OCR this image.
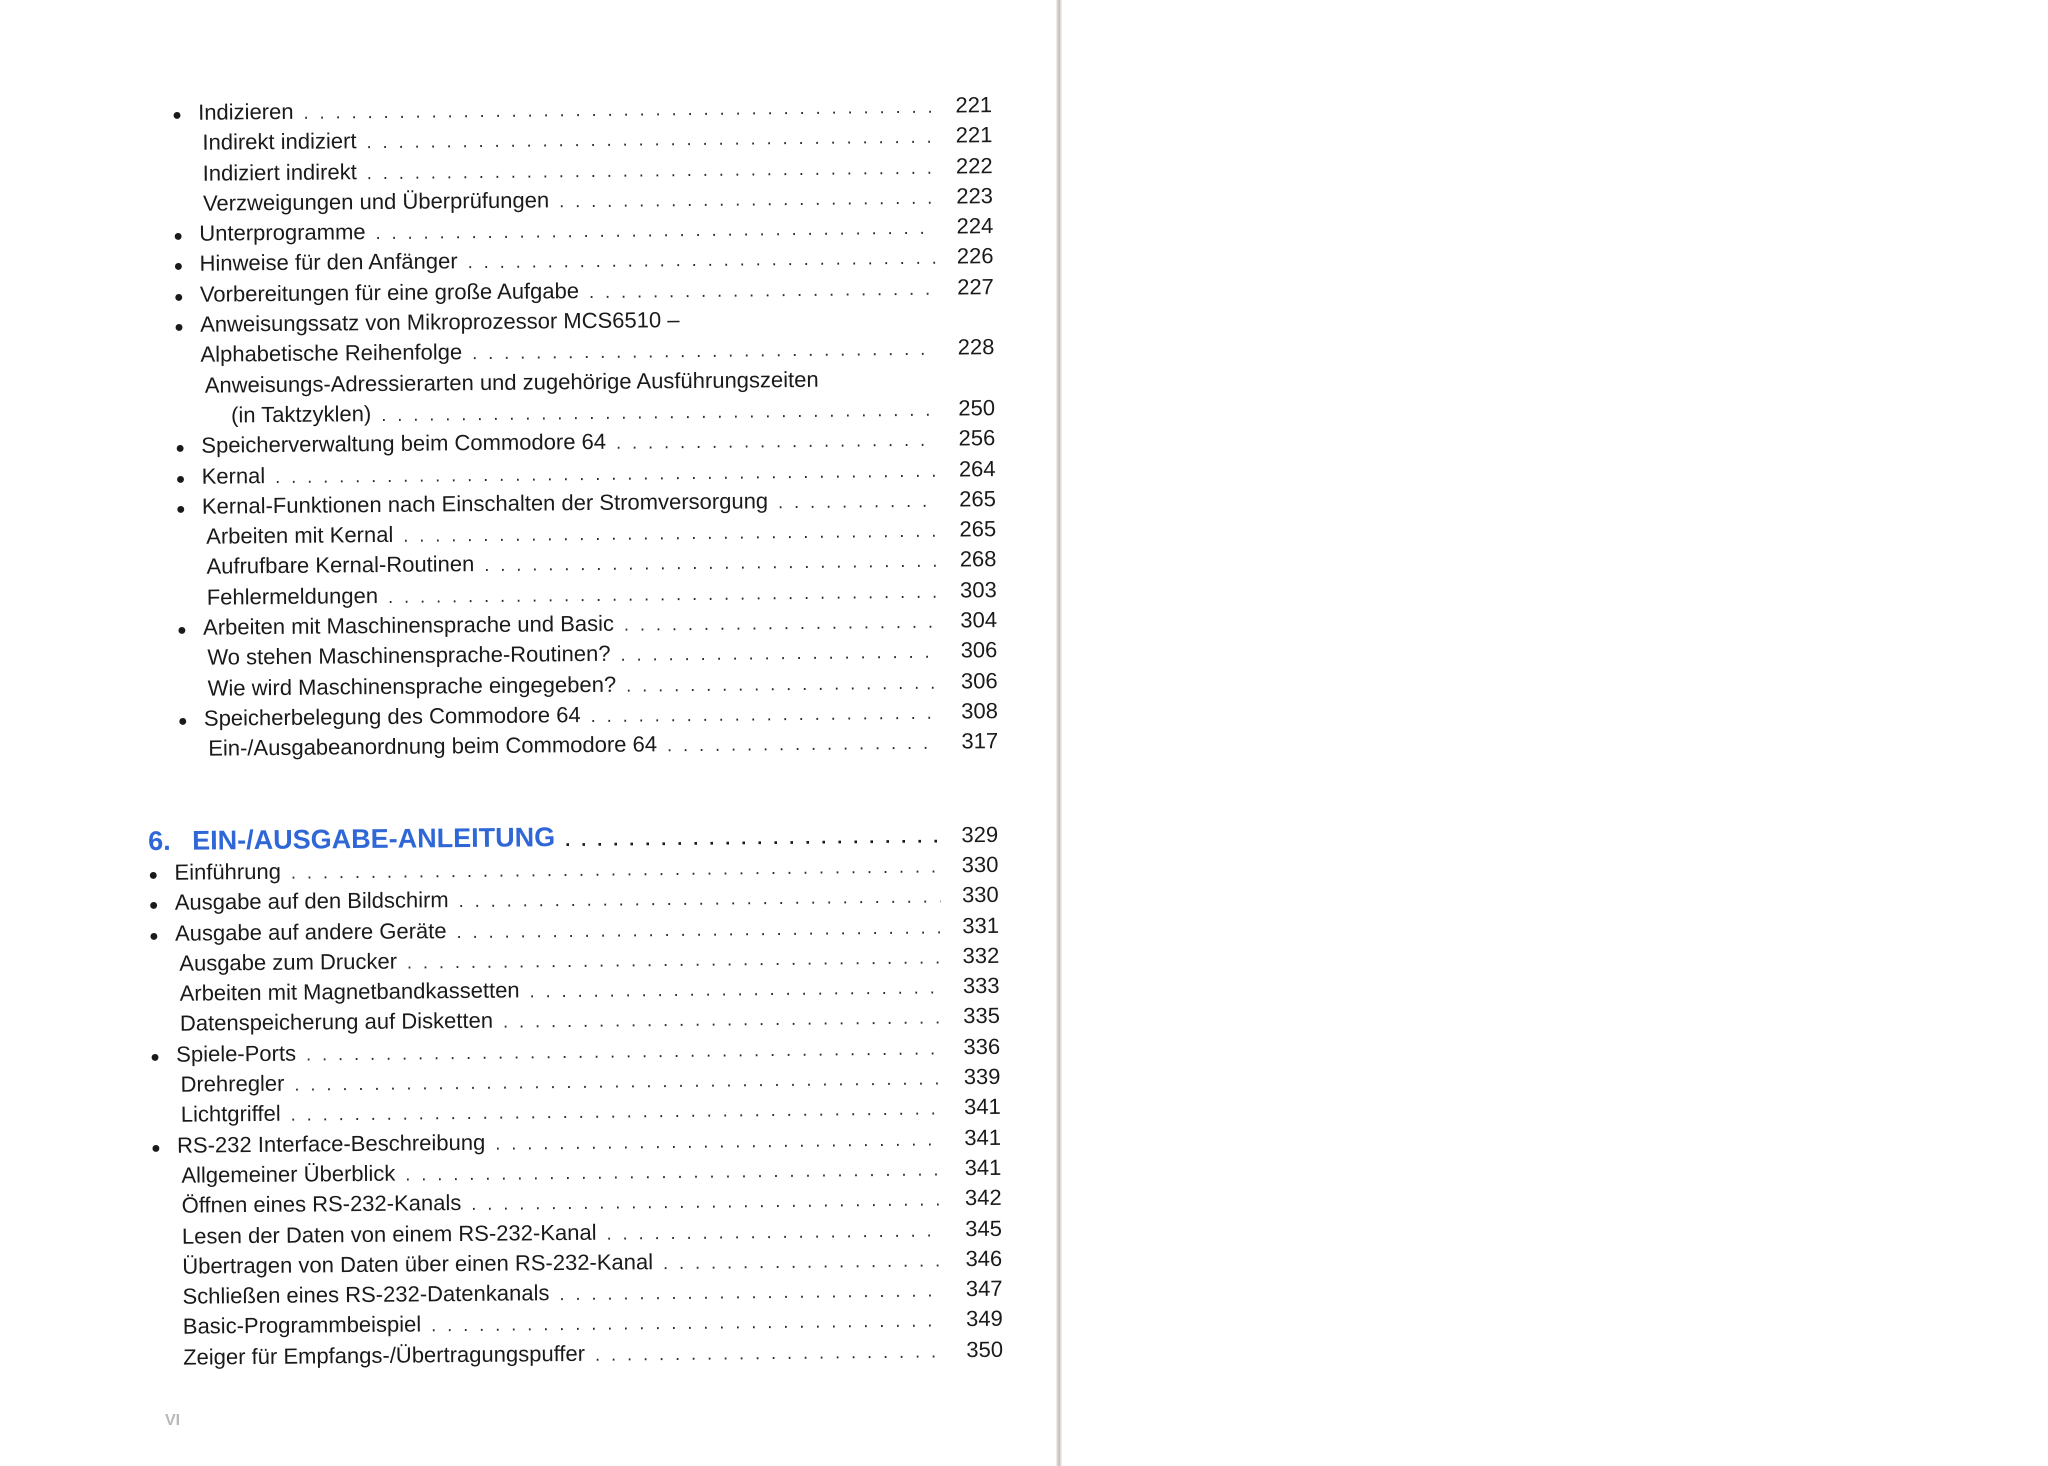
● Indizieren . . .	221
Indirekt indiziert . . .	221
Indiziert indirekt . . .	222
Verzweigungen und Überprüfungen . . .	223
● Unterprogramme . . .	224
● Hinweise für den Anfänger . . .	226
● Vorbereitungen für eine große Aufgabe . . .	227
● Anweisungssatz von Mikroprozessor MCS6510 –
Alphabetische Reihenfolge . . .	228
Anweisungs-Adressierarten und zugehörige Ausführungszeiten
(in Taktzyklen) . . .	250
● Speicherverwaltung beim Commodore 64 . . .	256
● Kernal . . .	264
● Kernal-Funktionen nach Einschalten der Stromversorgung . . .	265
Arbeiten mit Kernal . . .	265
Aufrufbare Kernal-Routinen . . .	268
Fehlermeldungen . . .	303
● Arbeiten mit Maschinensprache und Basic . . .	304
Wo stehen Maschinensprache-Routinen? . . .	306
Wie wird Maschinensprache eingegeben? . . .	306
● Speicherbelegung des Commodore 64 . . .	308
Ein-/Ausgabeanordnung beim Commodore 64 . . .	317
6. EIN-/AUSGABE-ANLEITUNG . . .	329
● Einführung . . .	330
● Ausgabe auf den Bildschirm . . .	330
● Ausgabe auf andere Geräte . . .	331
Ausgabe zum Drucker . . .	332
Arbeiten mit Magnetbandkassetten . . .	333
Datenspeicherung auf Disketten . . .	335
● Spiele-Ports . . .	336
Drehregler . . .	339
Lichtgriffel . . .	341
● RS-232 Interface-Beschreibung . . .	341
Allgemeiner Überblick . . .	341
Öffnen eines RS-232-Kanals . . .	342
Lesen der Daten von einem RS-232-Kanal . . .	345
Übertragen von Daten über einen RS-232-Kanal . . .	346
Schließen eines RS-232-Datenkanals . . .	347
Basic-Programmbeispiel . . .	349
Zeiger für Empfangs-/Übertragungspuffer . . .	350
VI
